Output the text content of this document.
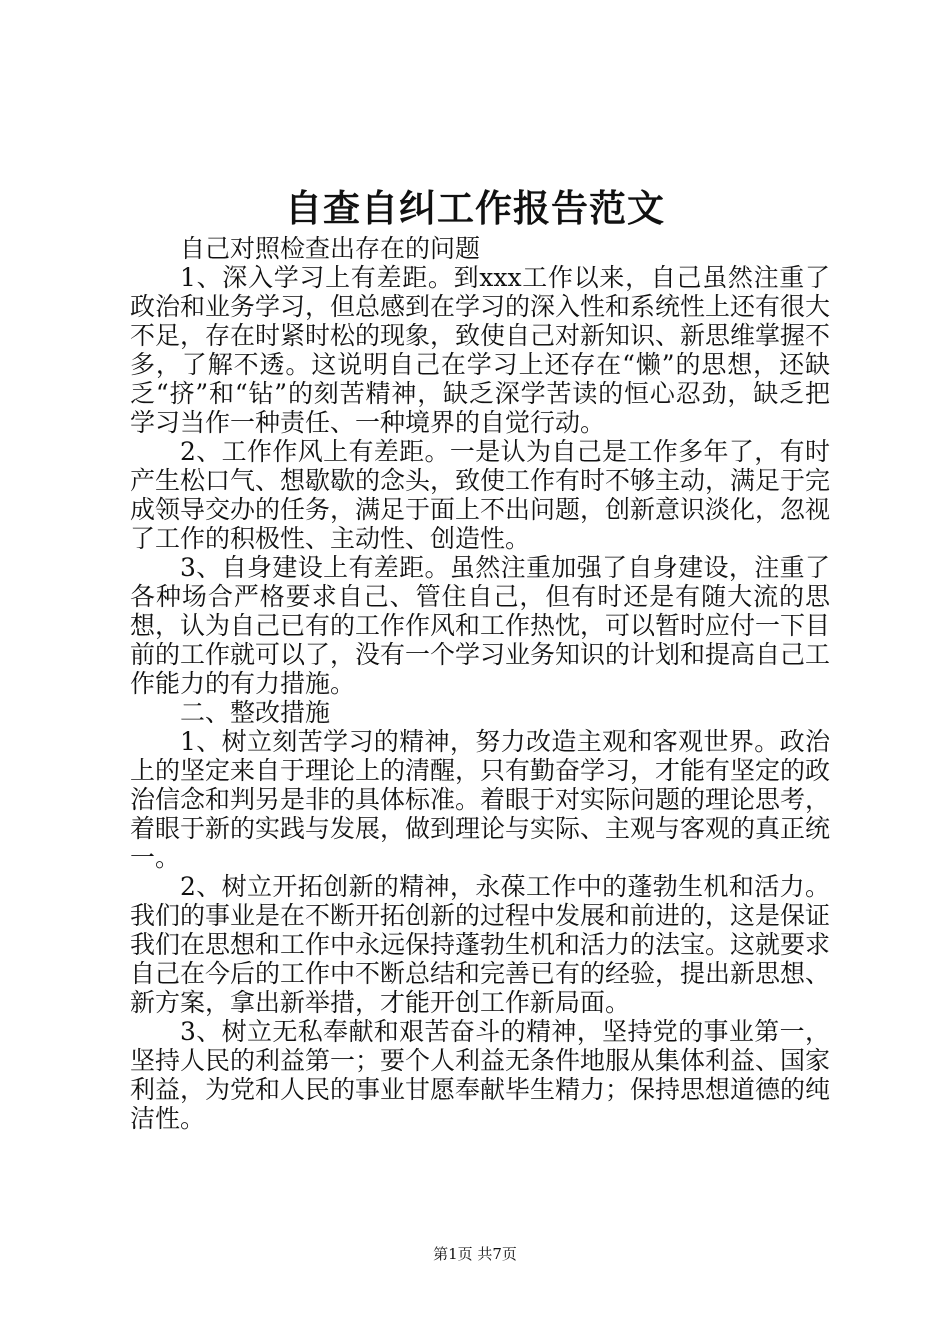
自查自纠工作报告范文

自己对照检查出存在的问题

1、深入学习上有差距。到xxx工作以来，自己虽然注重了政治和业务学习，但总感到在学习的深入性和系统性上还有很大不足，存在时紧时松的现象，致使自己对新知识、新思维掌握不多，了解不透。这说明自己在学习上还存在“懒”的思想，还缺乏“挤”和“钻”的刻苦精神，缺乏深学苦读的恒心忍劲，缺乏把学习当作一种责任、一种境界的自觉行动。

2、工作作风上有差距。一是认为自己是工作多年了，有时产生松口气、想歇歇的念头，致使工作有时不够主动，满足于完成领导交办的任务，满足于面上不出问题，创新意识淡化，忽视了工作的积极性、主动性、创造性。

3、自身建设上有差距。虽然注重加强了自身建设，注重了各种场合严格要求自己、管住自己，但有时还是有随大流的思想，认为自己已有的工作作风和工作热忱，可以暂时应付一下目前的工作就可以了，没有一个学习业务知识的计划和提高自己工作能力的有力措施。

二、整改措施

1、树立刻苦学习的精神，努力改造主观和客观世界。政治上的坚定来自于理论上的清醒，只有勤奋学习，才能有坚定的政治信念和判另是非的具体标准。着眼于对实际问题的理论思考，着眼于新的实践与发展，做到理论与实际、主观与客观的真正统一。

2、树立开拓创新的精神，永葆工作中的蓬勃生机和活力。我们的事业是在不断开拓创新的过程中发展和前进的，这是保证我们在思想和工作中永远保持蓬勃生机和活力的法宝。这就要求自己在今后的工作中不断总结和完善已有的经验，提出新思想、新方案，拿出新举措，才能开创工作新局面。

3、树立无私奉献和艰苦奋斗的精神，坚持党的事业第一，坚持人民的利益第一；要个人利益无条件地服从集体利益、国家利益，为党和人民的事业甘愿奉献毕生精力；保持思想道德的纯洁性。

第1页 共7页
